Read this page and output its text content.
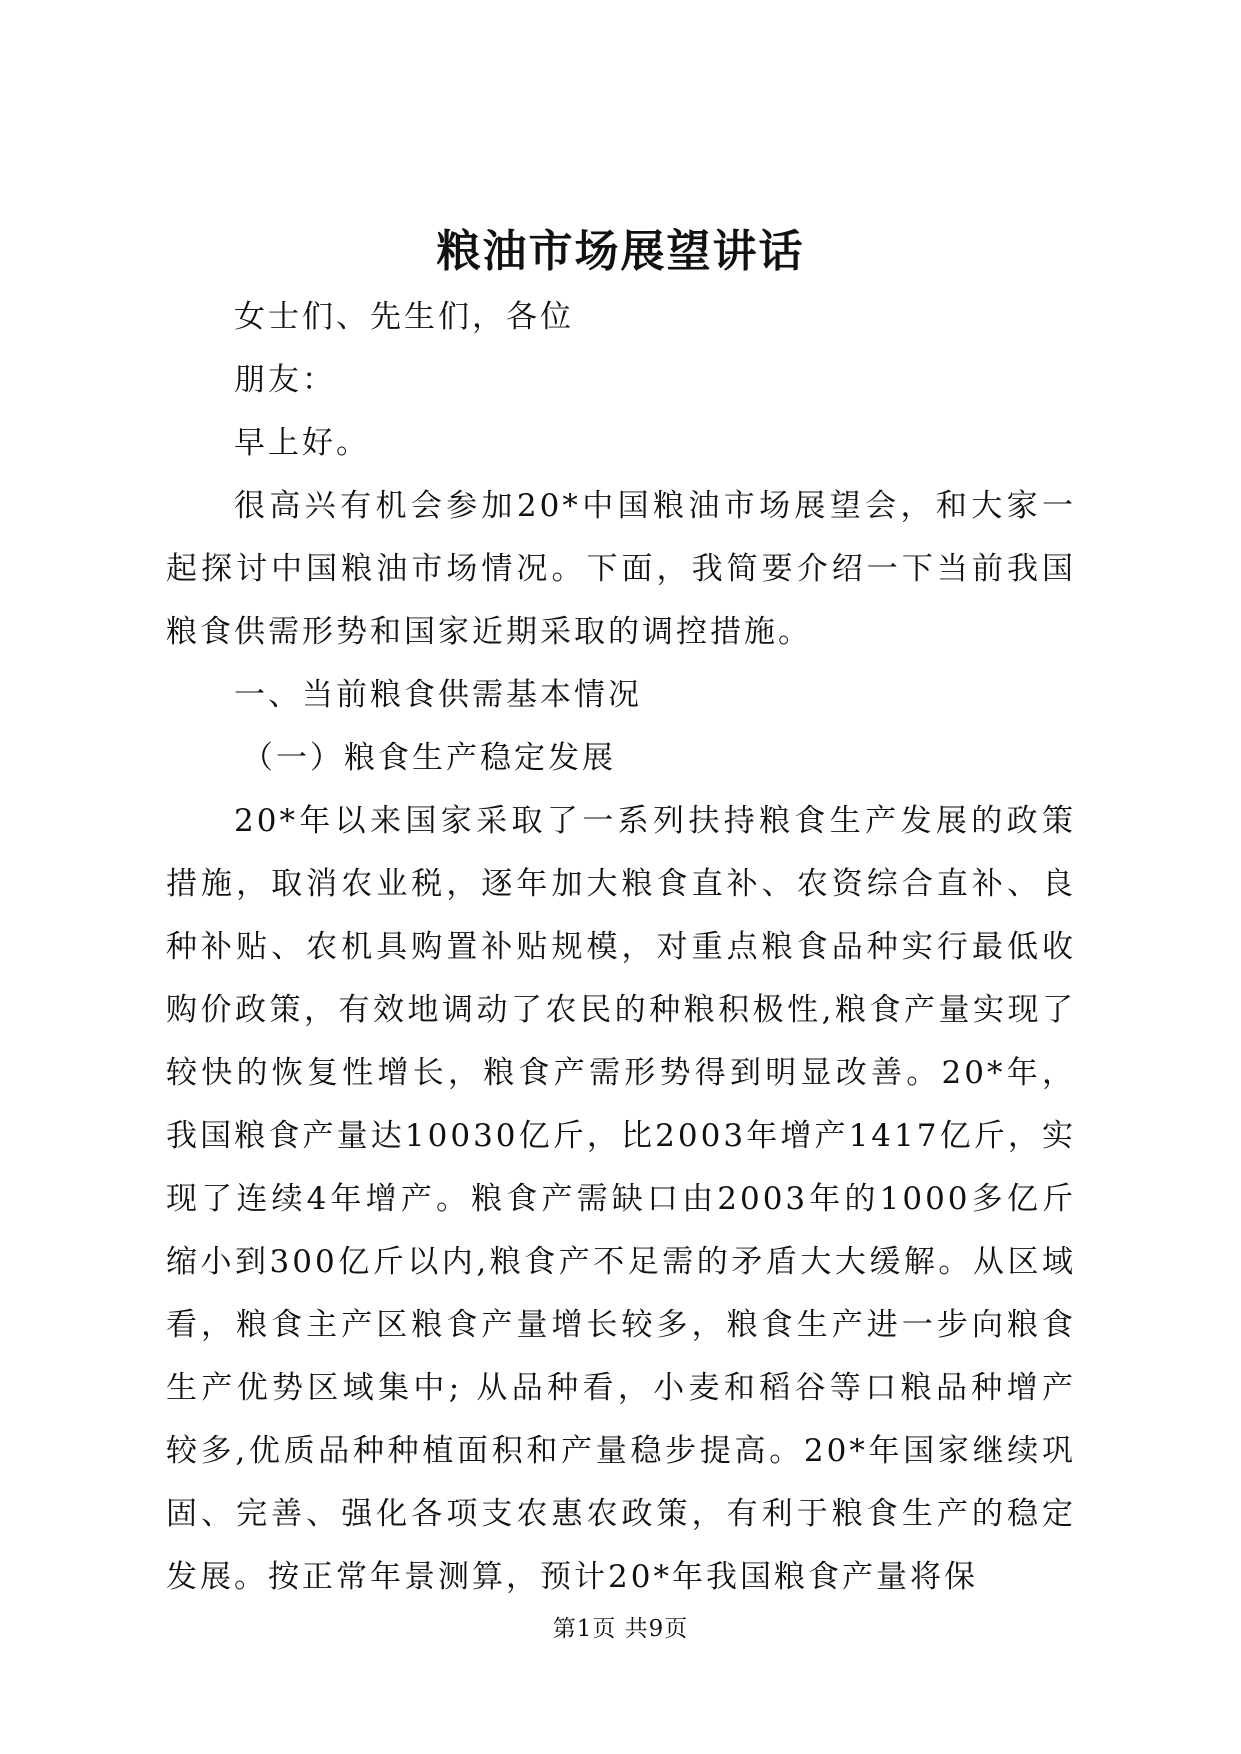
粮油市场展望讲话

女士们、先生们，各位

朋友：

早上好。

很高兴有机会参加20*中国粮油市场展望会，和大家一起探讨中国粮油市场情况。下面，我简要介绍一下当前我国粮食供需形势和国家近期采取的调控措施。

一、当前粮食供需基本情况

（一）粮食生产稳定发展

20*年以来国家采取了一系列扶持粮食生产发展的政策措施，取消农业税，逐年加大粮食直补、农资综合直补、良种补贴、农机具购置补贴规模，对重点粮食品种实行最低收购价政策，有效地调动了农民的种粮积极性,粮食产量实现了较快的恢复性增长，粮食产需形势得到明显改善。20*年，我国粮食产量达10030亿斤，比2003年增产1417亿斤，实现了连续4年增产。粮食产需缺口由2003年的1000多亿斤缩小到300亿斤以内,粮食产不足需的矛盾大大缓解。从区域看，粮食主产区粮食产量增长较多，粮食生产进一步向粮食生产优势区域集中; 从品种看，小麦和稻谷等口粮品种增产较多,优质品种种植面积和产量稳步提高。20*年国家继续巩固、完善、强化各项支农惠农政策，有利于粮食生产的稳定发展。按正常年景测算，预计20*年我国粮食产量将保

第1页 共9页
